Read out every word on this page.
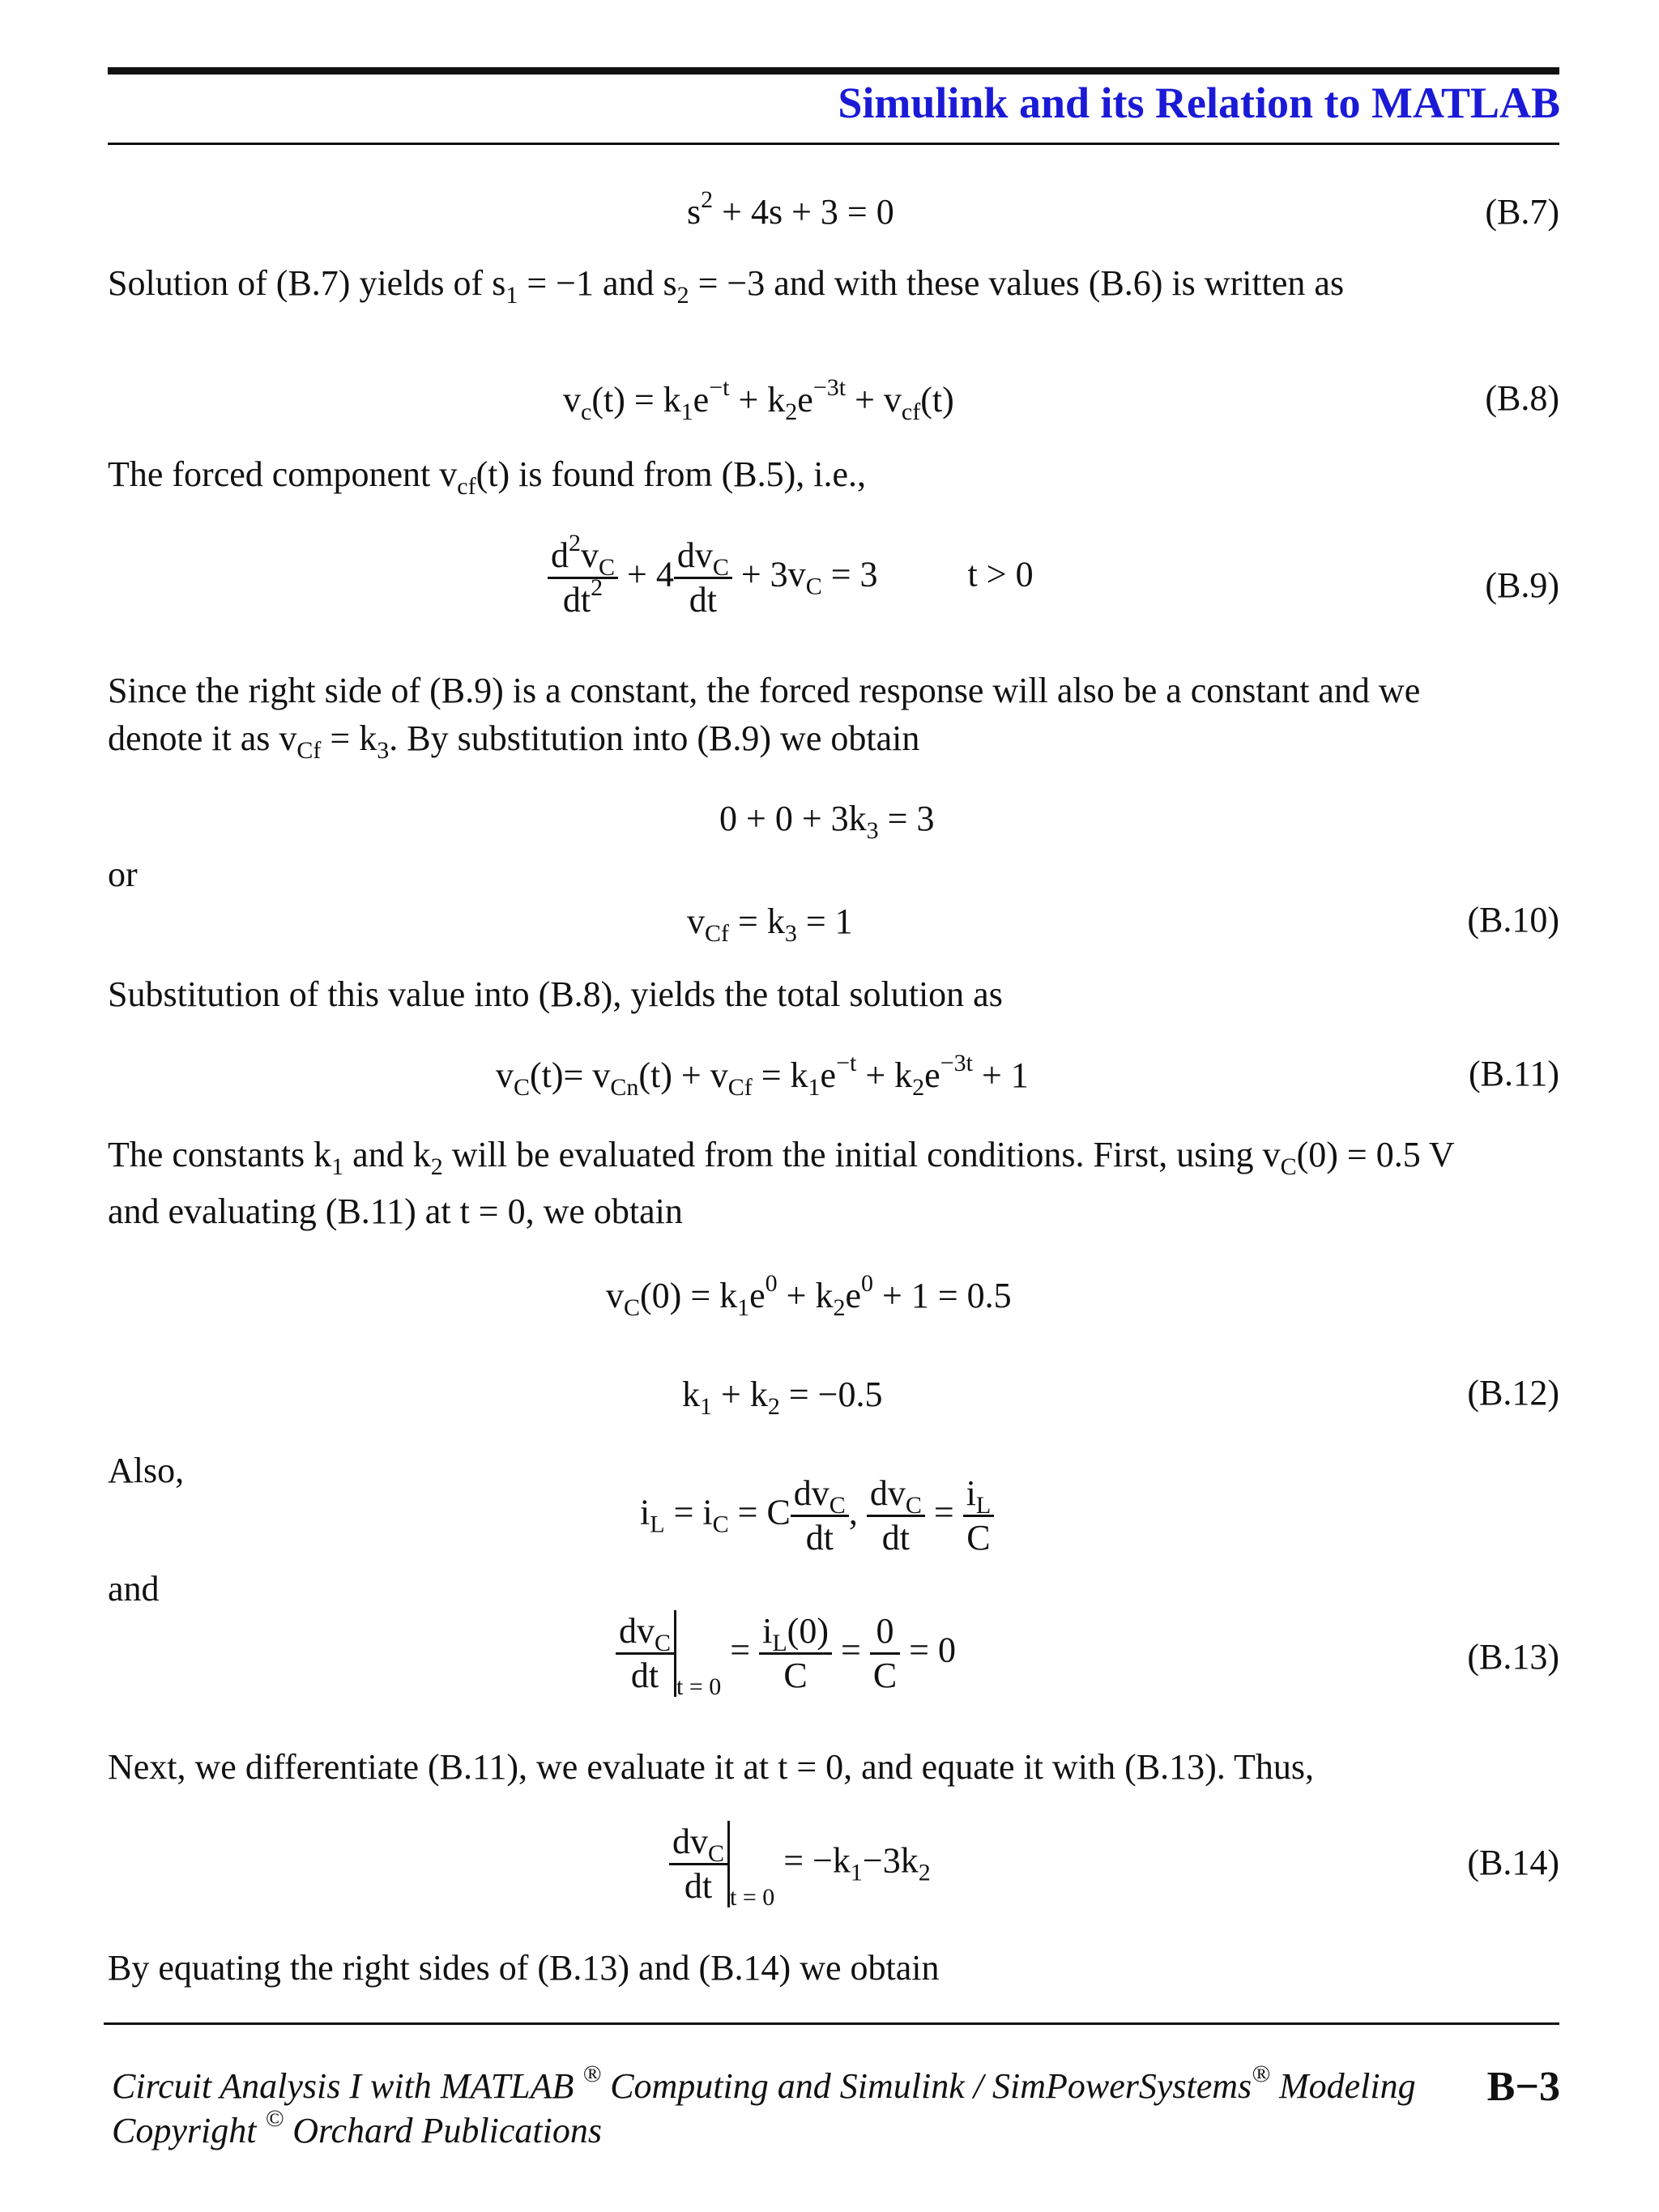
Simulink and its Relation to MATLAB
$s^2 + 4s + 3 = 0$	(B.7)
Solution of (B.7) yields of $s_1 = -1$ and $s_2 = -3$ and with these values (B.6) is written as
$v_c(t) = k_1e^{-t} + k_2e^{-3t} + v_{cf}(t)$	(B.8)
The forced component $v_{cf}(t)$ is found from (B.5), i.e.,
$\frac{d^2v_C}{dt^2} + 4 \frac{dv_C}{dt} + 3v_C = 3$ t > 0	(B.9)
Since the right side of (B.9) is a constant, the forced response will also be a constant and we
denote it as $v_{Cf} = k_3$. By substitution into (B.9) we obtain
$0 + 0 + 3k_3 = 3$
or
$v_{Cf} = k_3 = 1$	(B.10)
Substitution of this value into (B.8), yields the total solution as
$v_C(t)= v_{Cn}(t) + v_{Cf} = k_1e^{-t} + k_2e^{-3t} + 1$	(B.11)
The constants $k_1$ and $k_2$ will be evaluated from the initial conditions. First, using $v_C(0) = 0.5$ V
and evaluating (B.11) at t = 0, we obtain
$v_C(0) = k_1e^0 + k_2e^0 + 1 = 0.5$
$k_1 + k_2 = -0.5$	(B.12)
Also,
$i_L = i_C = C \frac{dv_C}{dt}$ , $\frac{dv_C}{dt} = \frac{i_L}{C}$
and
$\frac{dv_C}{dt} _{t = 0} = \frac{i_L(0)}{C} = \frac{0}{C} = 0$	(B.13)
Next, we differentiate (B.11), we evaluate it at t = 0, and equate it with (B.13). Thus,
$\frac{dv_C}{dt} _{t = 0} = -k_1-3k_2$	(B.14)
By equating the right sides of (B.13) and (B.14) we obtain
Circuit Analysis I with MATLAB ® Computing and Simulink / SimPowerSystems® Modeling
Copyright © Orchard Publications
B−3
